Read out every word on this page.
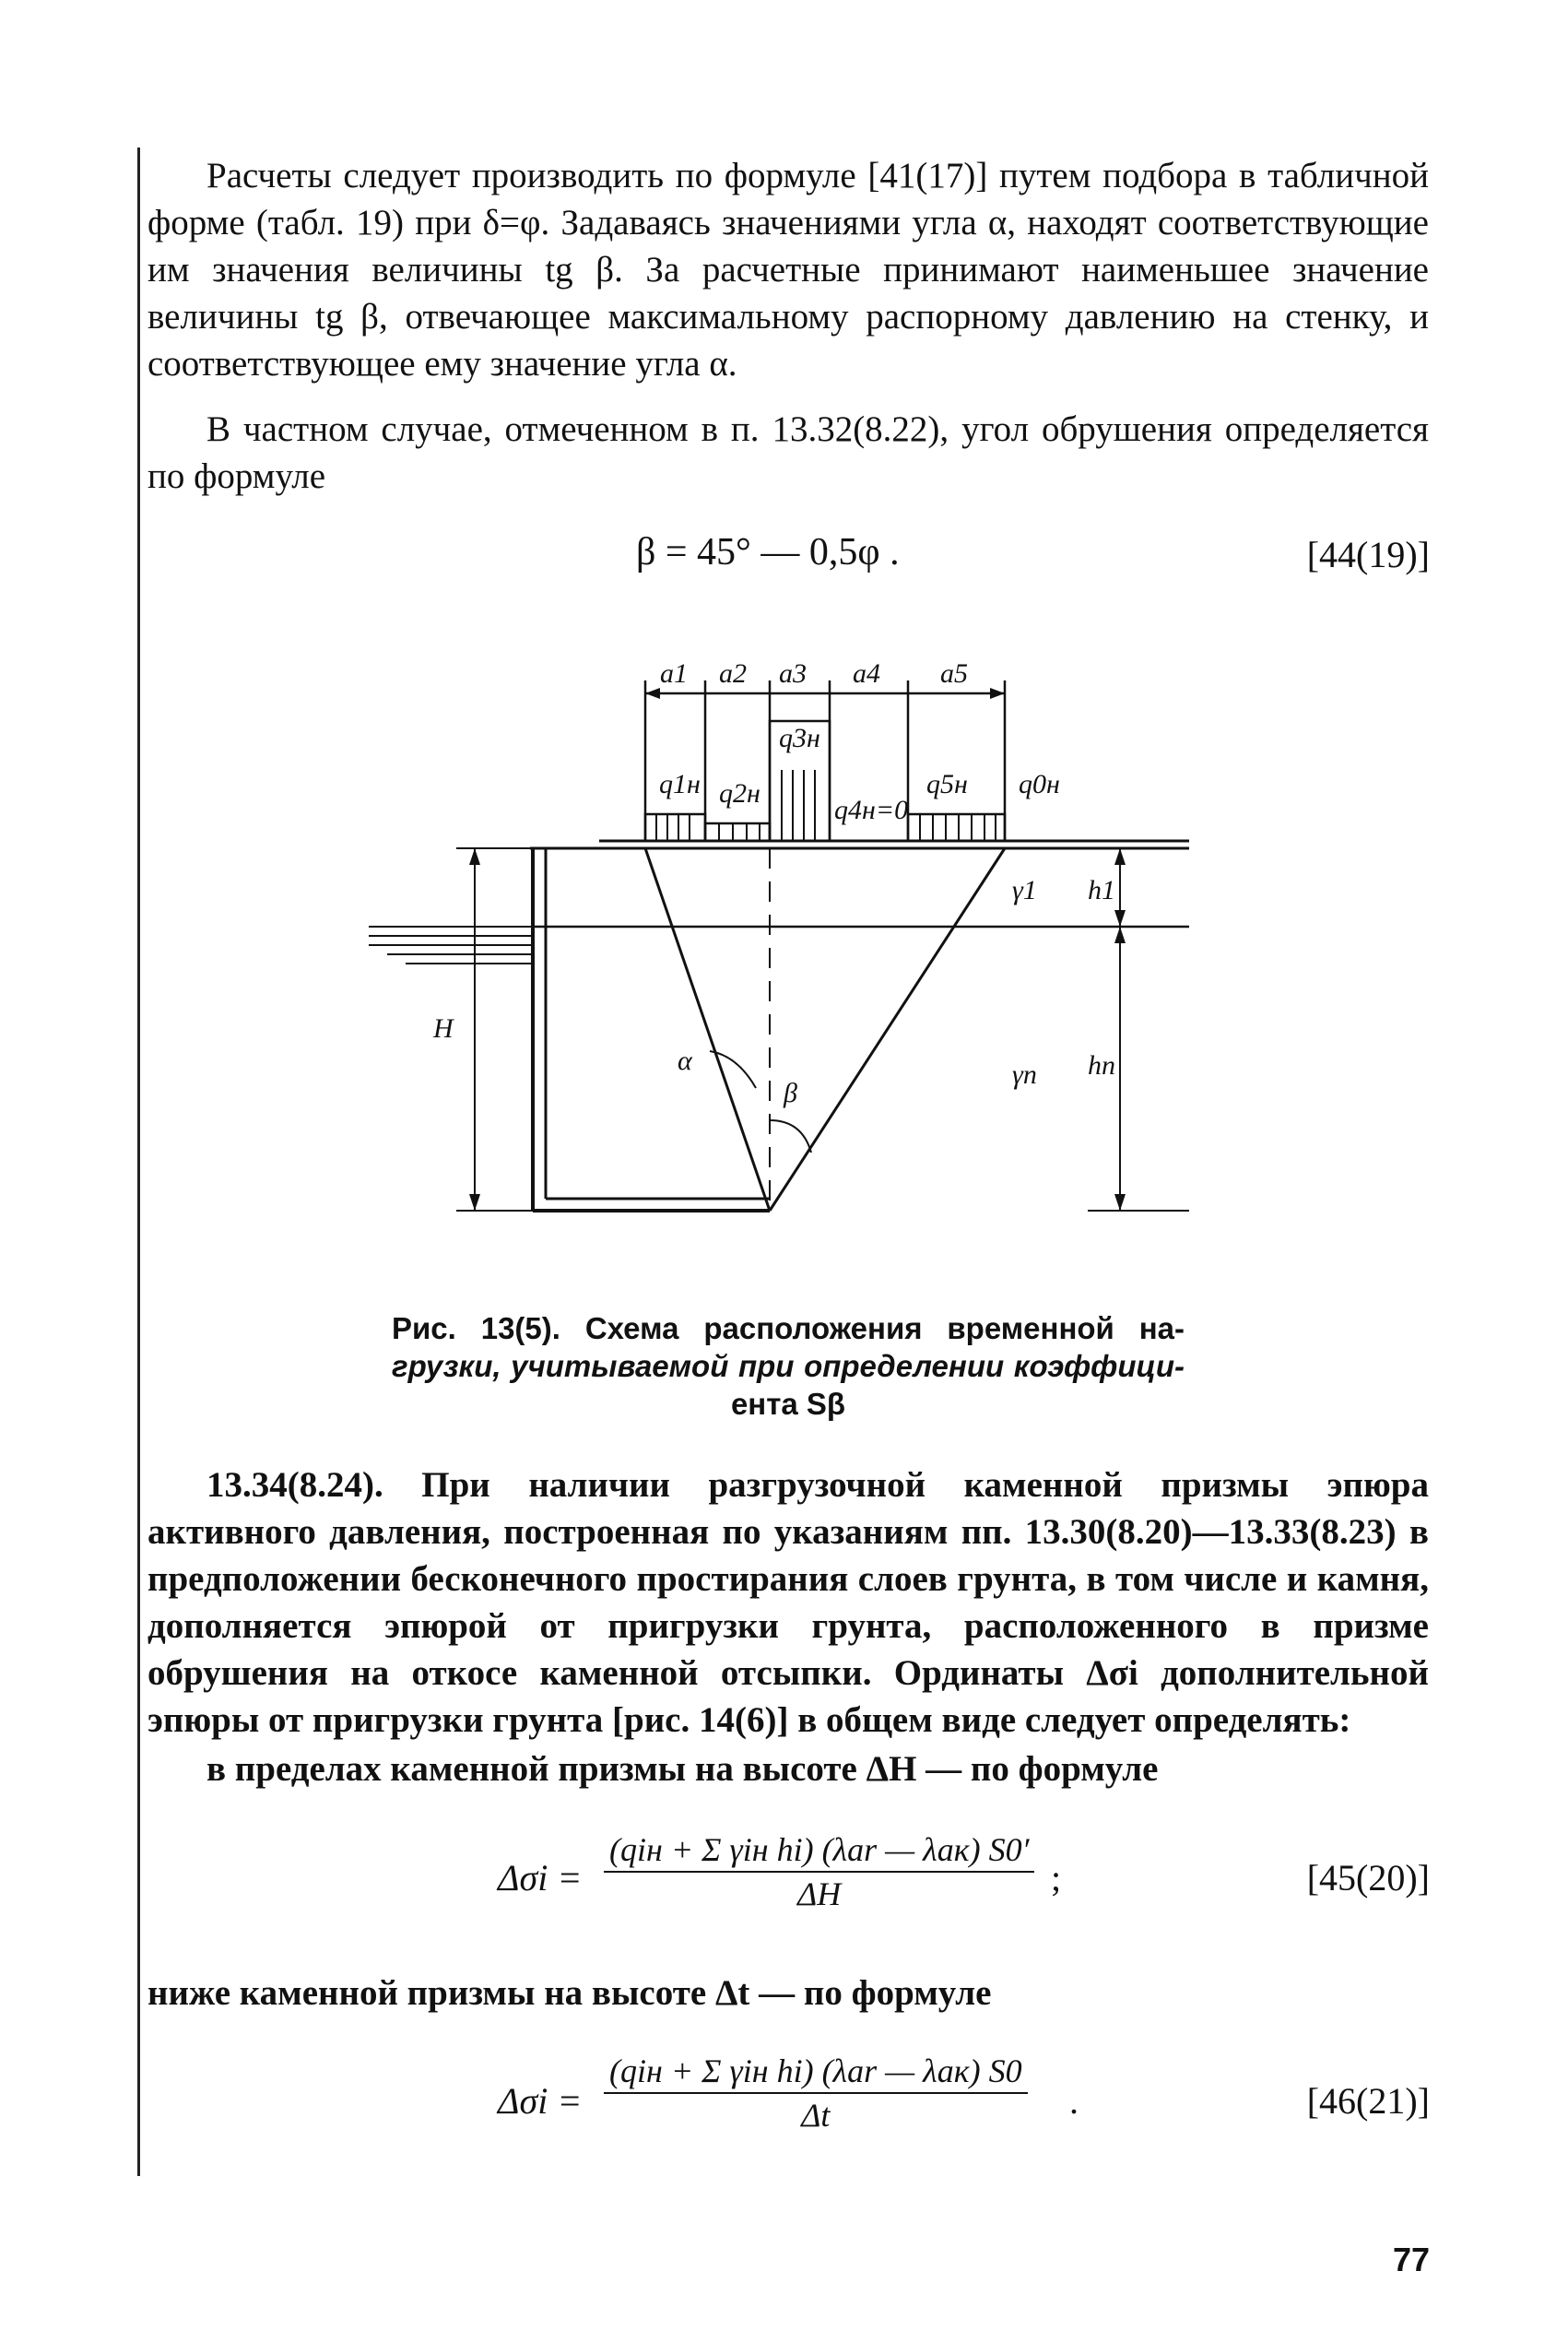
Расчеты следует производить по формуле [41(17)] путем подбора в табличной форме (табл. 19) при δ=φ. Задаваясь значениями угла α, находят соответствующие им значения величины tg β. За расчетные принимают наименьшее значение величины tg β, отвечающее максимальному распорному давлению на стенку, и соответствующее ему значение угла α.
В частном случае, отмеченном в п. 13.32(8.22), угол обрушения определяется по формуле
β = 45° — 0,5φ .	[44(19)]
a1 a2 a3 a4 a5
q1н q2н
q3н
q4н=0
q5н q0н
γ1
γn
h1
hn
H
α
β
Рис. 13(5). Схема расположения временной на-
грузки, учитываемой при определении коэффици-
ента Sβ
13.34(8.24). При наличии разгрузочной каменной призмы эпюра активного давления, построенная по указаниям пп. 13.30(8.20)—13.33(8.23) в предположении бесконечного простирания слоев грунта, в том числе и камня, дополняется эпюрой от пригрузки грунта, расположенного в призме обрушения на откосе каменной отсыпки. Ординаты Δσi дополнительной эпюры от пригрузки грунта [рис. 14(6)] в общем виде следует определять:
в пределах каменной призмы на высоте ΔH — по формуле
Δσi =
(qiн + Σ γiн hi) (λar — λaк) S0′
ΔH	;	[45(20)]
ниже каменной призмы на высоте Δt — по формуле
Δσi =
(qiн + Σ γiн hi) (λar — λaк) S0
Δt	.	[46(21)]
77
